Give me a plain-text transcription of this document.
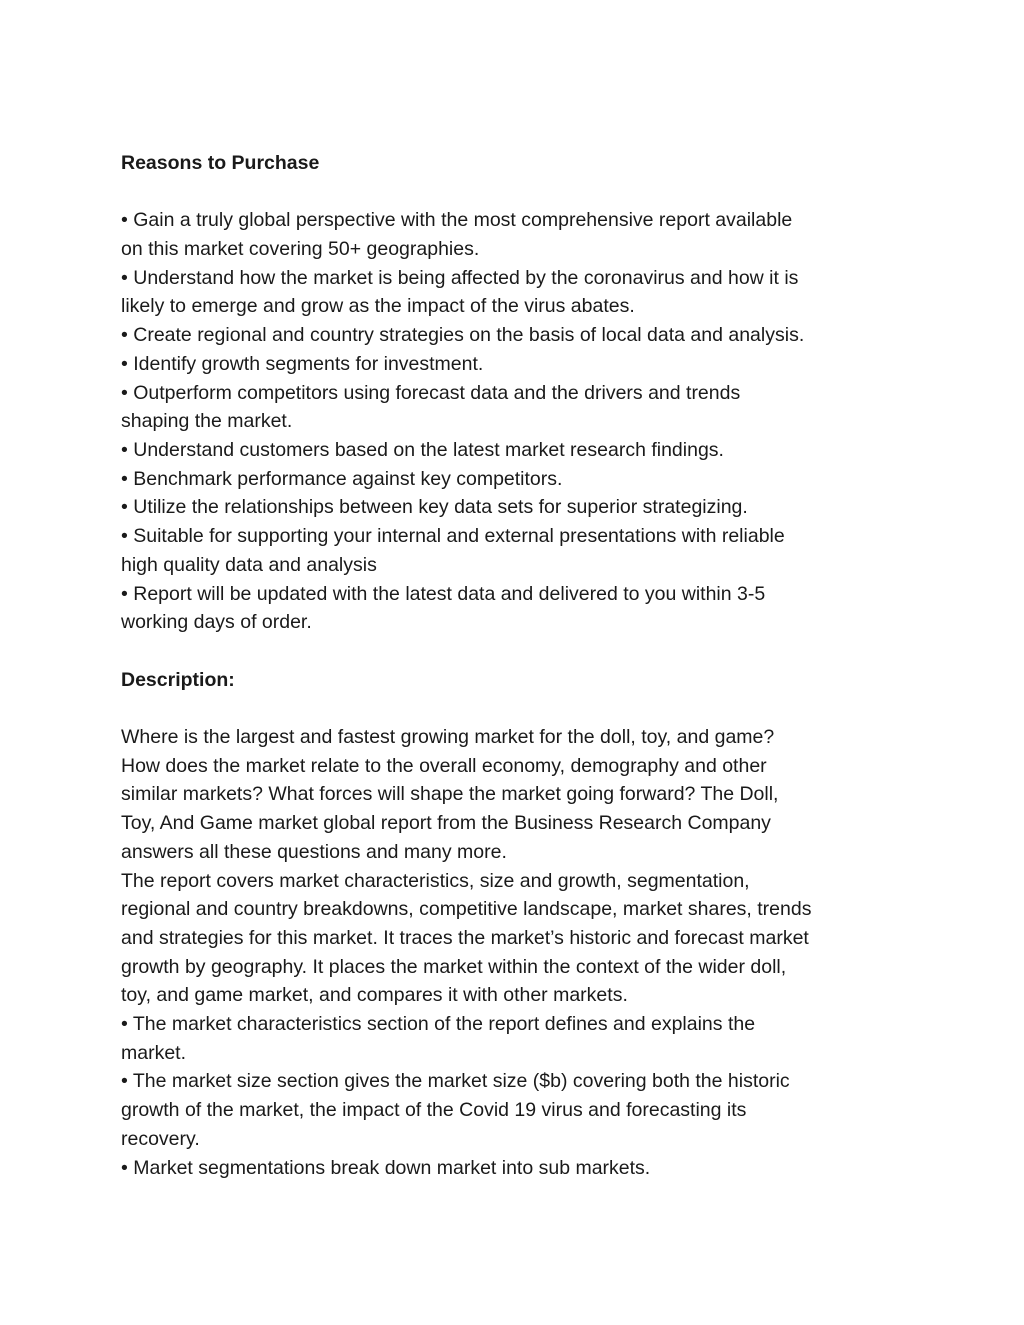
Reasons to Purchase

• Gain a truly global perspective with the most comprehensive report available

on this market covering 50+ geographies.

• Understand how the market is being affected by the coronavirus and how it is

likely to emerge and grow as the impact of the virus abates.

• Create regional and country strategies on the basis of local data and analysis.

• Identify growth segments for investment.

• Outperform competitors using forecast data and the drivers and trends

shaping the market.

• Understand customers based on the latest market research findings.

• Benchmark performance against key competitors.

• Utilize the relationships between key data sets for superior strategizing.

• Suitable for supporting your internal and external presentations with reliable

high quality data and analysis

• Report will be updated with the latest data and delivered to you within 3-5

working days of order.

Description:

Where is the largest and fastest growing market for the doll, toy, and game?

How does the market relate to the overall economy, demography and other

similar markets? What forces will shape the market going forward? The Doll,

Toy, And Game market global report from the Business Research Company

answers all these questions and many more.

The report covers market characteristics, size and growth, segmentation,

regional and country breakdowns, competitive landscape, market shares, trends

and strategies for this market. It traces the market’s historic and forecast market

growth by geography. It places the market within the context of the wider doll,

toy, and game market, and compares it with other markets.

• The market characteristics section of the report defines and explains the

market.

• The market size section gives the market size ($b) covering both the historic

growth of the market, the impact of the Covid 19 virus and forecasting its

recovery.

• Market segmentations break down market into sub markets.
